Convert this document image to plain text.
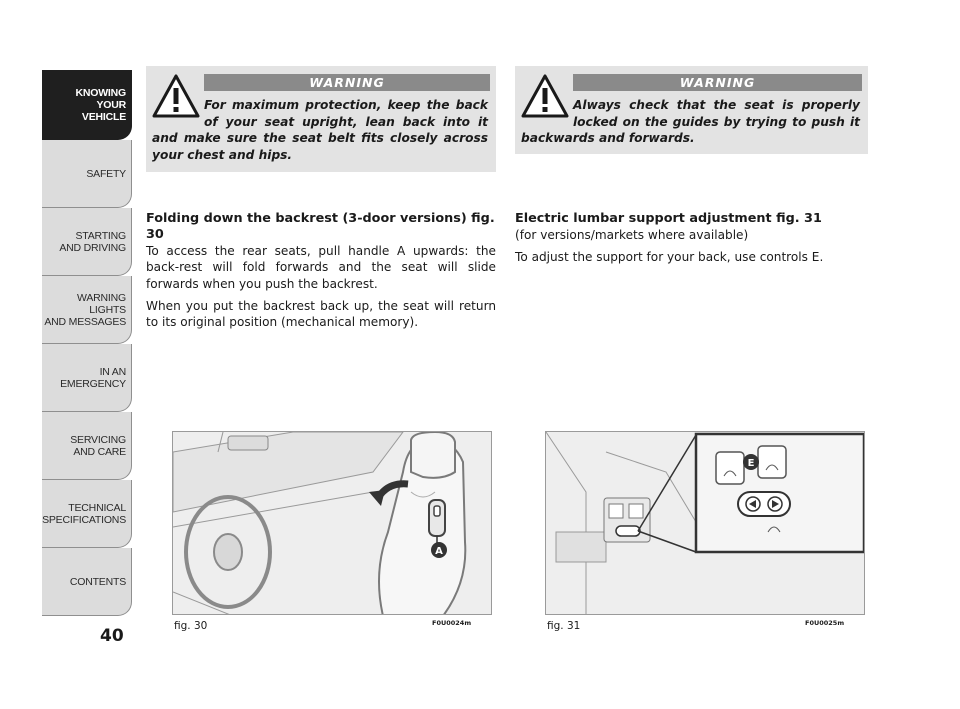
KNOWING
YOUR
VEHICLE
SAFETY
STARTING
AND DRIVING
WARNING LIGHTS
AND MESSAGES
IN AN
EMERGENCY
SERVICING
AND CARE
TECHNICAL
SPECIFICATIONS
CONTENTS
40
WARNING
For maximum protection, keep the back of your seat upright, lean back into it and make sure the seat belt fits closely across your chest and hips.
WARNING
Always check that the seat is properly locked on the guides by trying to push it backwards and forwards.
Folding down the backrest (3-door versions) fig. 30

To access the rear seats, pull handle A upwards: the back-rest will fold forwards and the seat will slide forwards when you push the backrest.

When you put the backrest back up, the seat will return to its original position (mechanical memory).

Electric lumbar support adjustment fig. 31
(for versions/markets where available)

To adjust the support for your back, use controls E.

A
fig. 30	F0U0024m
E
fig. 31	F0U0025m
